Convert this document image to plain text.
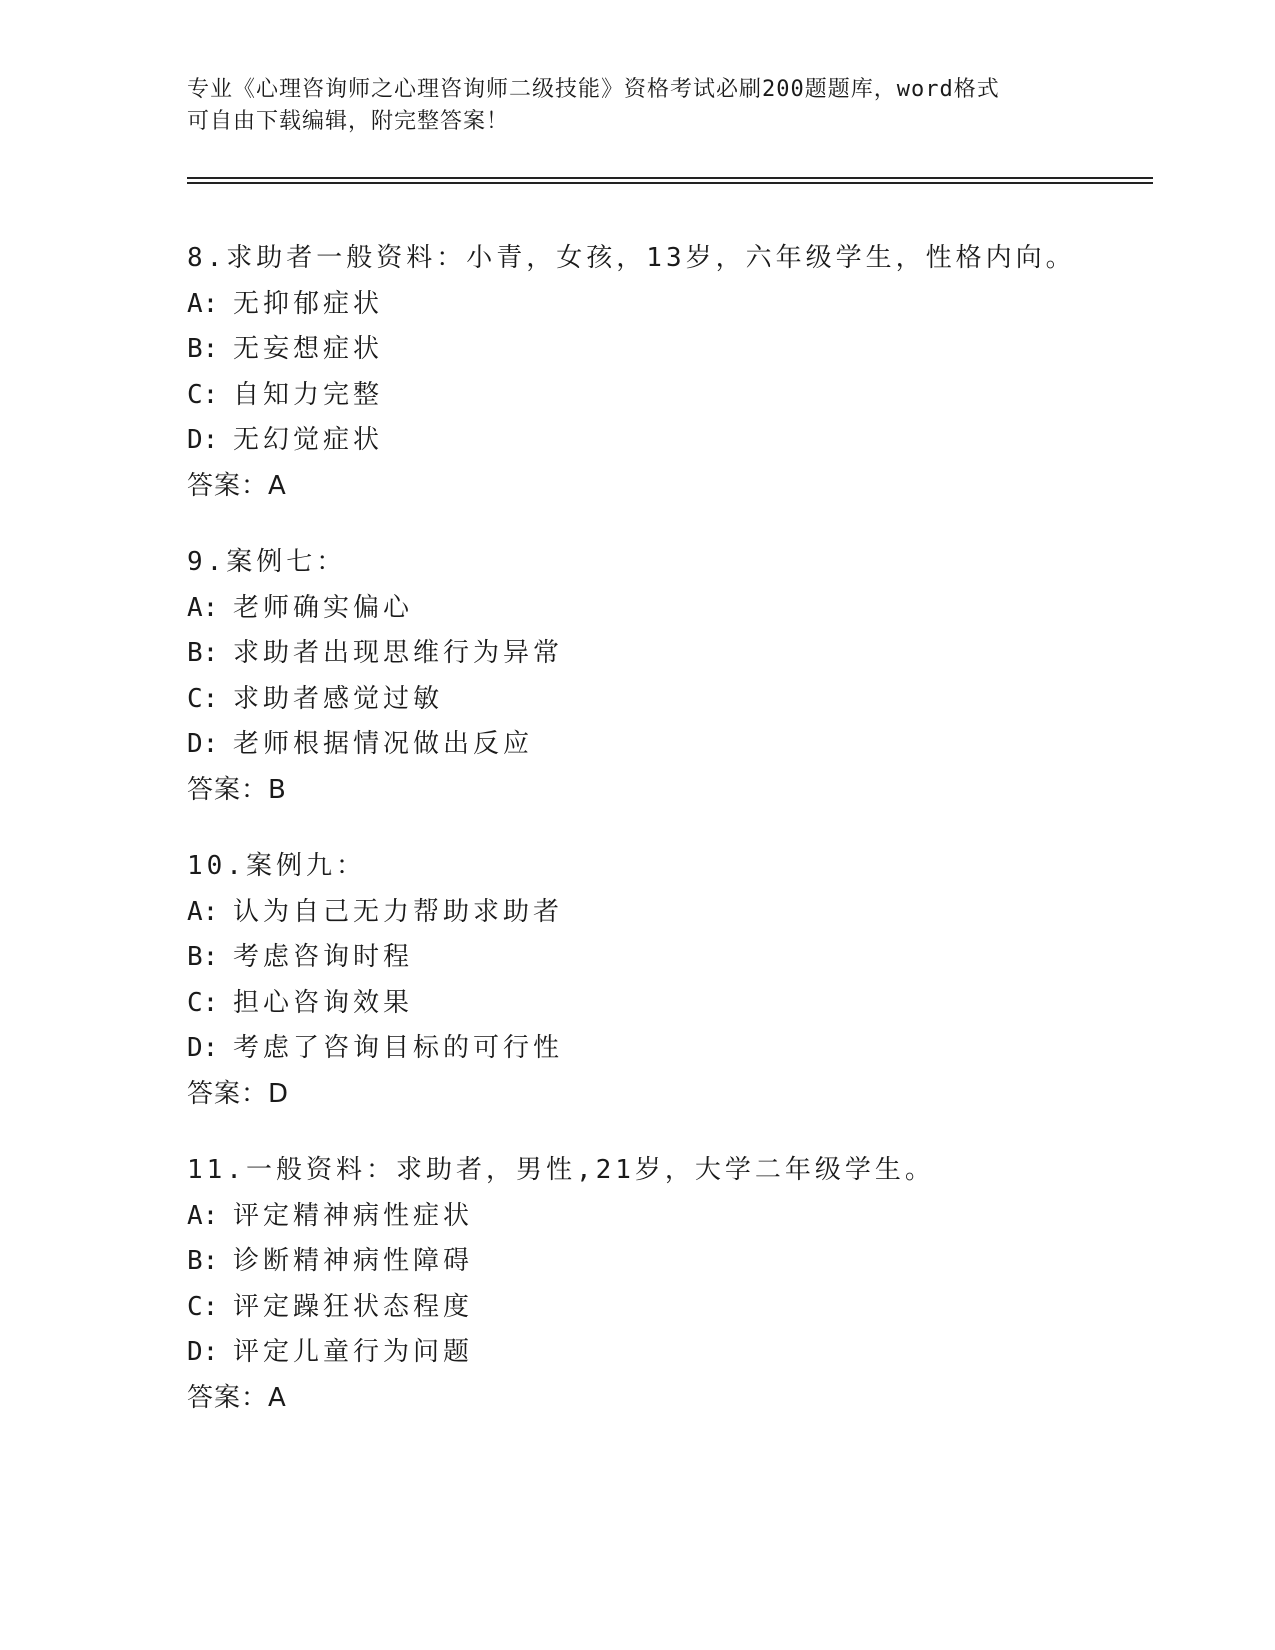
专业《心理咨询师之心理咨询师二级技能》资格考试必刷200题题库，word格式
可自由下载编辑，附完整答案！
8.求助者一般资料：小青，女孩，13岁，六年级学生，性格内向。
A: 无抑郁症状
B: 无妄想症状
C: 自知力完整
D: 无幻觉症状
答案：A
9.案例七：
A: 老师确实偏心
B: 求助者出现思维行为异常
C: 求助者感觉过敏
D: 老师根据情况做出反应
答案：B
10.案例九：
A: 认为自己无力帮助求助者
B: 考虑咨询时程
C: 担心咨询效果
D: 考虑了咨询目标的可行性
答案：D
11.一般资料：求助者，男性,21岁，大学二年级学生。
A: 评定精神病性症状
B: 诊断精神病性障碍
C: 评定躁狂状态程度
D: 评定儿童行为问题
答案：A
